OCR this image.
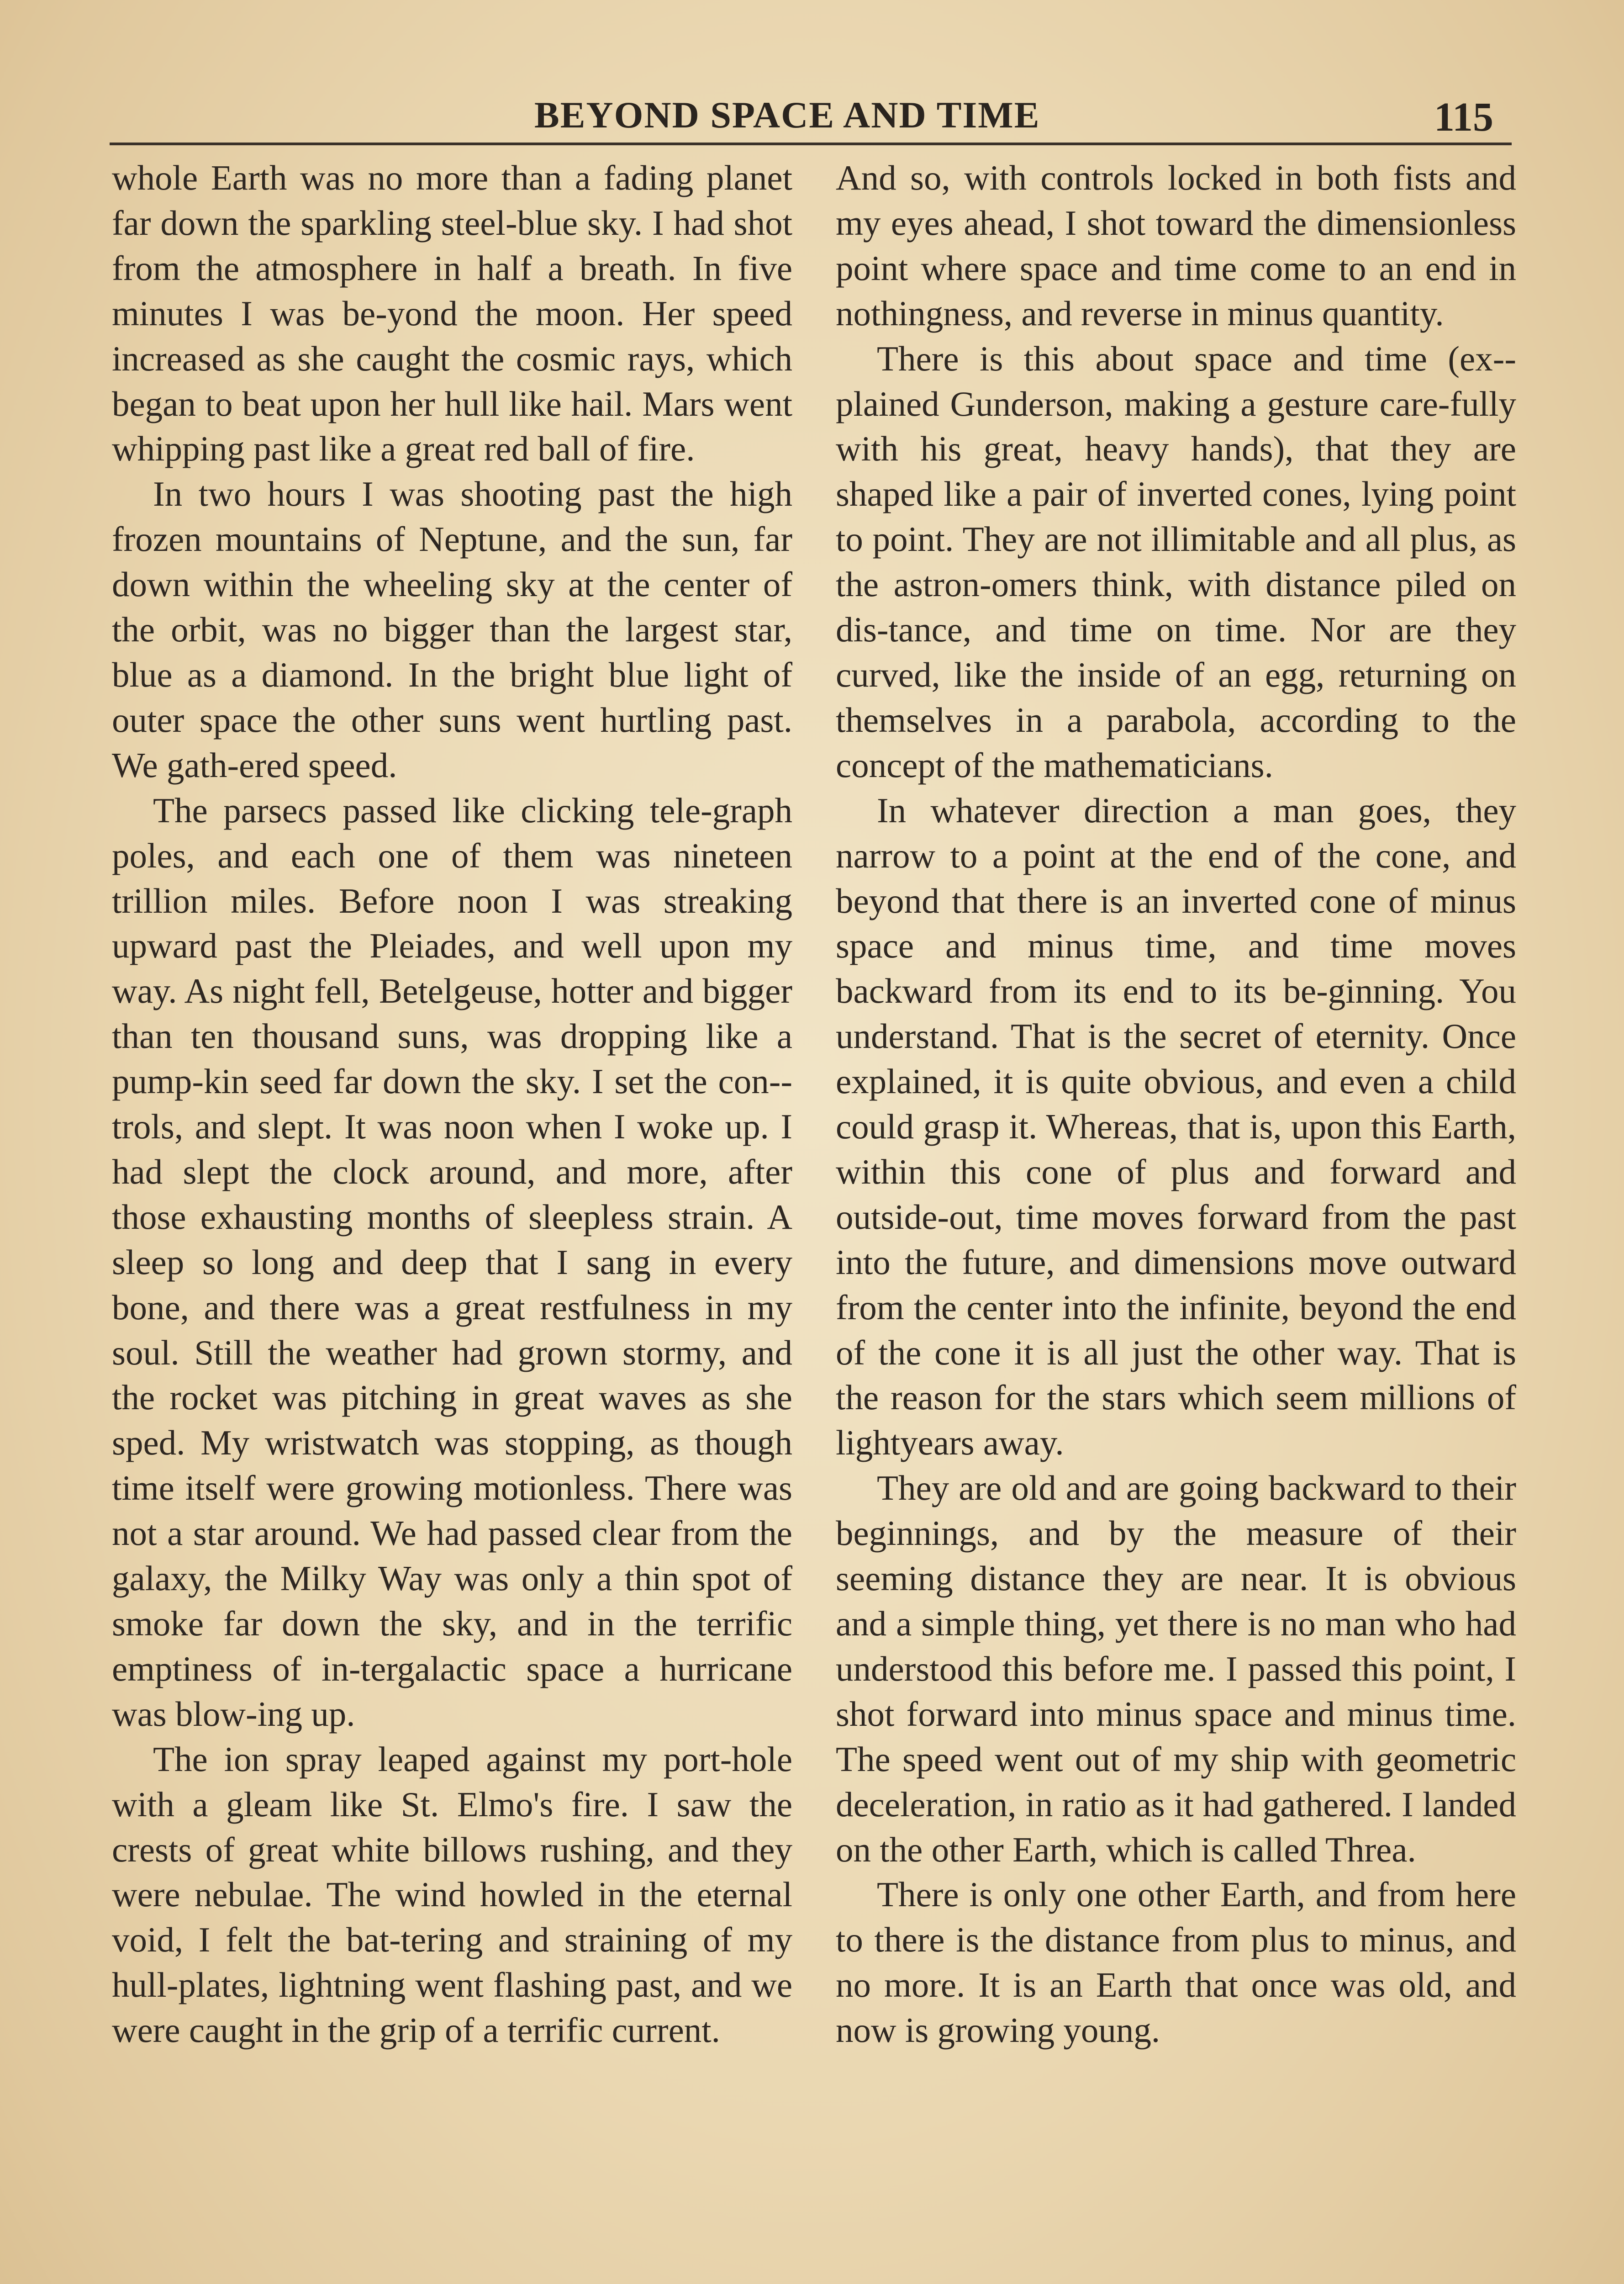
BEYOND SPACE AND TIME	115

whole Earth was no more than a fading planet far down the sparkling steel-blue sky. I had shot from the atmosphere in half a breath. In five minutes I was be-yond the moon. Her speed increased as she caught the cosmic rays, which began to beat upon her hull like hail. Mars went whipping past like a great red ball of fire.

In two hours I was shooting past the high frozen mountains of Neptune, and the sun, far down within the wheeling sky at the center of the orbit, was no bigger than the largest star, blue as a diamond. In the bright blue light of outer space the other suns went hurtling past. We gath-ered speed.

The parsecs passed like clicking tele-graph poles, and each one of them was nineteen trillion miles. Before noon I was streaking upward past the Pleiades, and well upon my way. As night fell, Betelgeuse, hotter and bigger than ten thousand suns, was dropping like a pump-kin seed far down the sky. I set the con-trols, and slept. It was noon when I woke up. I had slept the clock around, and more, after those exhausting months of sleepless strain. A sleep so long and deep that I sang in every bone, and there was a great restfulness in my soul. Still the weather had grown stormy, and the rocket was pitching in great waves as she sped. My wristwatch was stopping, as though time itself were growing motionless. There was not a star around. We had passed clear from the galaxy, the Milky Way was only a thin spot of smoke far down the sky, and in the terrific emptiness of in-tergalactic space a hurricane was blow-ing up.

The ion spray leaped against my port-hole with a gleam like St. Elmo's fire. I saw the crests of great white billows rushing, and they were nebulae. The wind howled in the eternal void, I felt the bat-tering and straining of my hull-plates, lightning went flashing past, and we were caught in the grip of a terrific current.

And so, with controls locked in both fists and my eyes ahead, I shot toward the dimensionless point where space and time come to an end in nothingness, and reverse in minus quantity.

There is this about space and time (ex-plained Gunderson, making a gesture care-fully with his great, heavy hands), that they are shaped like a pair of inverted cones, lying point to point. They are not illimitable and all plus, as the astron-omers think, with distance piled on dis-tance, and time on time. Nor are they curved, like the inside of an egg, returning on themselves in a parabola, according to the concept of the mathematicians.

In whatever direction a man goes, they narrow to a point at the end of the cone, and beyond that there is an inverted cone of minus space and minus time, and time moves backward from its end to its be-ginning. You understand. That is the secret of eternity. Once explained, it is quite obvious, and even a child could grasp it. Whereas, that is, upon this Earth, within this cone of plus and forward and outside-out, time moves forward from the past into the future, and dimensions move outward from the center into the infinite, beyond the end of the cone it is all just the other way. That is the reason for the stars which seem millions of lightyears away.

They are old and are going backward to their beginnings, and by the measure of their seeming distance they are near. It is obvious and a simple thing, yet there is no man who had understood this before me. I passed this point, I shot forward into minus space and minus time. The speed went out of my ship with geometric deceleration, in ratio as it had gathered. I landed on the other Earth, which is called Threa.

There is only one other Earth, and from here to there is the distance from plus to minus, and no more. It is an Earth that once was old, and now is growing young.
